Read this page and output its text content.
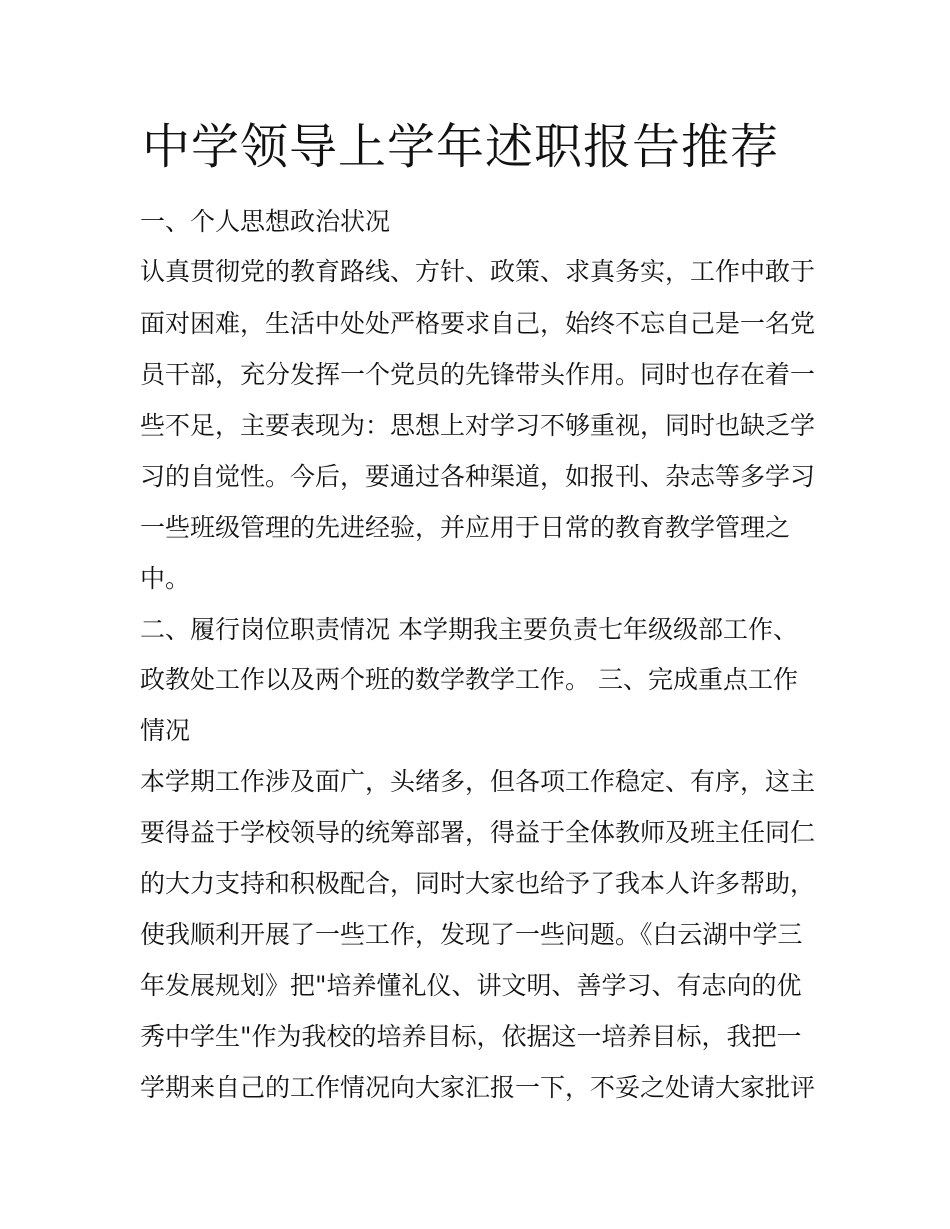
中学领导上学年述职报告推荐

一、个人思想政治状况

认真贯彻党的教育路线、方针、政策、求真务实，工作中敢于

面对困难，生活中处处严格要求自己，始终不忘自己是一名党

员干部，充分发挥一个党员的先锋带头作用。同时也存在着一

些不足，主要表现为：思想上对学习不够重视，同时也缺乏学

习的自觉性。今后，要通过各种渠道，如报刊、杂志等多学习

一些班级管理的先进经验，并应用于日常的教育教学管理之

中。

二、履行岗位职责情况 本学期我主要负责七年级级部工作、

政教处工作以及两个班的数学教学工作。 三、完成重点工作

情况

本学期工作涉及面广，头绪多，但各项工作稳定、有序，这主

要得益于学校领导的统筹部署，得益于全体教师及班主任同仁

的大力支持和积极配合，同时大家也给予了我本人许多帮助，

使我顺利开展了一些工作，发现了一些问题。《白云湖中学三

年发展规划》把"培养懂礼仪、讲文明、善学习、有志向的优

秀中学生"作为我校的培养目标，依据这一培养目标，我把一

学期来自己的工作情况向大家汇报一下，不妥之处请大家批评
